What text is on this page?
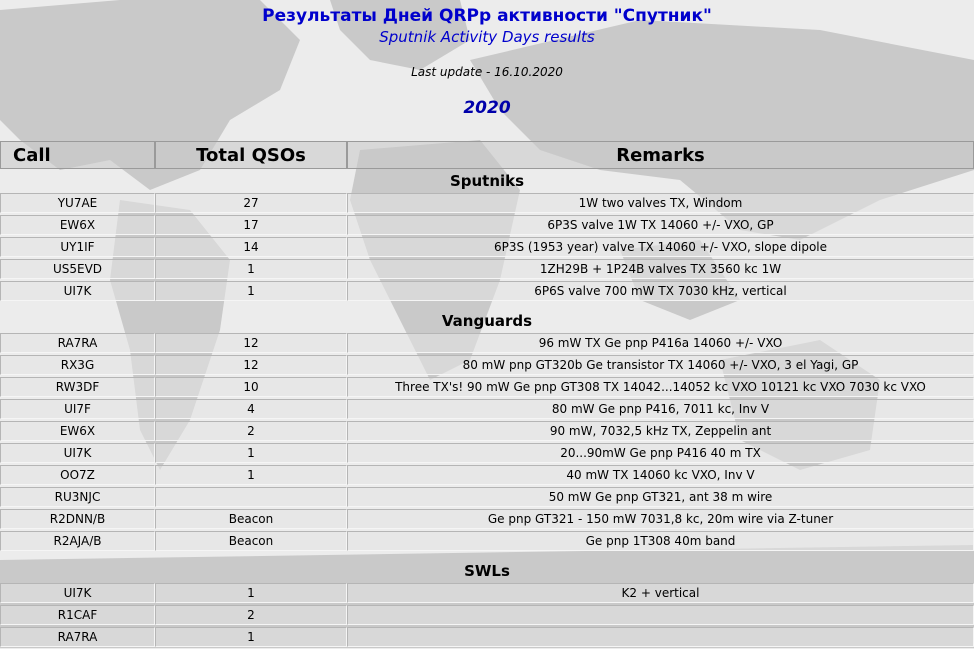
Результаты Дней QRPp активности "Спутник"
Sputnik Activity Days results
Last update - 16.10.2020
2020
Call	Total QSOs	Remarks
Sputniks		
YU7AE	27	1W two valves TX, Windom
EW6X	17	6P3S valve 1W TX 14060 +/- VXO, GP
UY1IF	14	6P3S (1953 year) valve TX 14060 +/- VXO, slope dipole
US5EVD	1	1ZH29B + 1P24B valves TX 3560 kc 1W
UI7K	1	6P6S valve 700 mW TX 7030 kHz, vertical

Vanguards		
RA7RA	12	96 mW TX Ge pnp P416a 14060 +/- VXO
RX3G	12	80 mW pnp GT320b Ge transistor TX 14060 +/- VXO, 3 el Yagi, GP
RW3DF	10	Three TX's! 90 mW Ge pnp GT308 TX 14042...14052 kc VXO 10121 kc VXO 7030 kc VXO
UI7F	4	80 mW Ge pnp P416, 7011 kc, Inv V
EW6X	2	90 mW, 7032,5 kHz TX, Zeppelin ant
UI7K	1	20...90mW Ge pnp P416 40 m TX
OO7Z	1	40 mW TX 14060 kc VXO, Inv V
RU3NJC		50 mW Ge pnp GT321, ant 38 m wire
R2DNN/B	Beacon	Ge pnp GT321 - 150 mW 7031,8 kc, 20m wire via Z-tuner
R2AJA/B	Beacon	Ge pnp 1T308 40m band

SWLs		
UI7K	1	K2 + vertical
R1CAF	2	
RA7RA	1	
